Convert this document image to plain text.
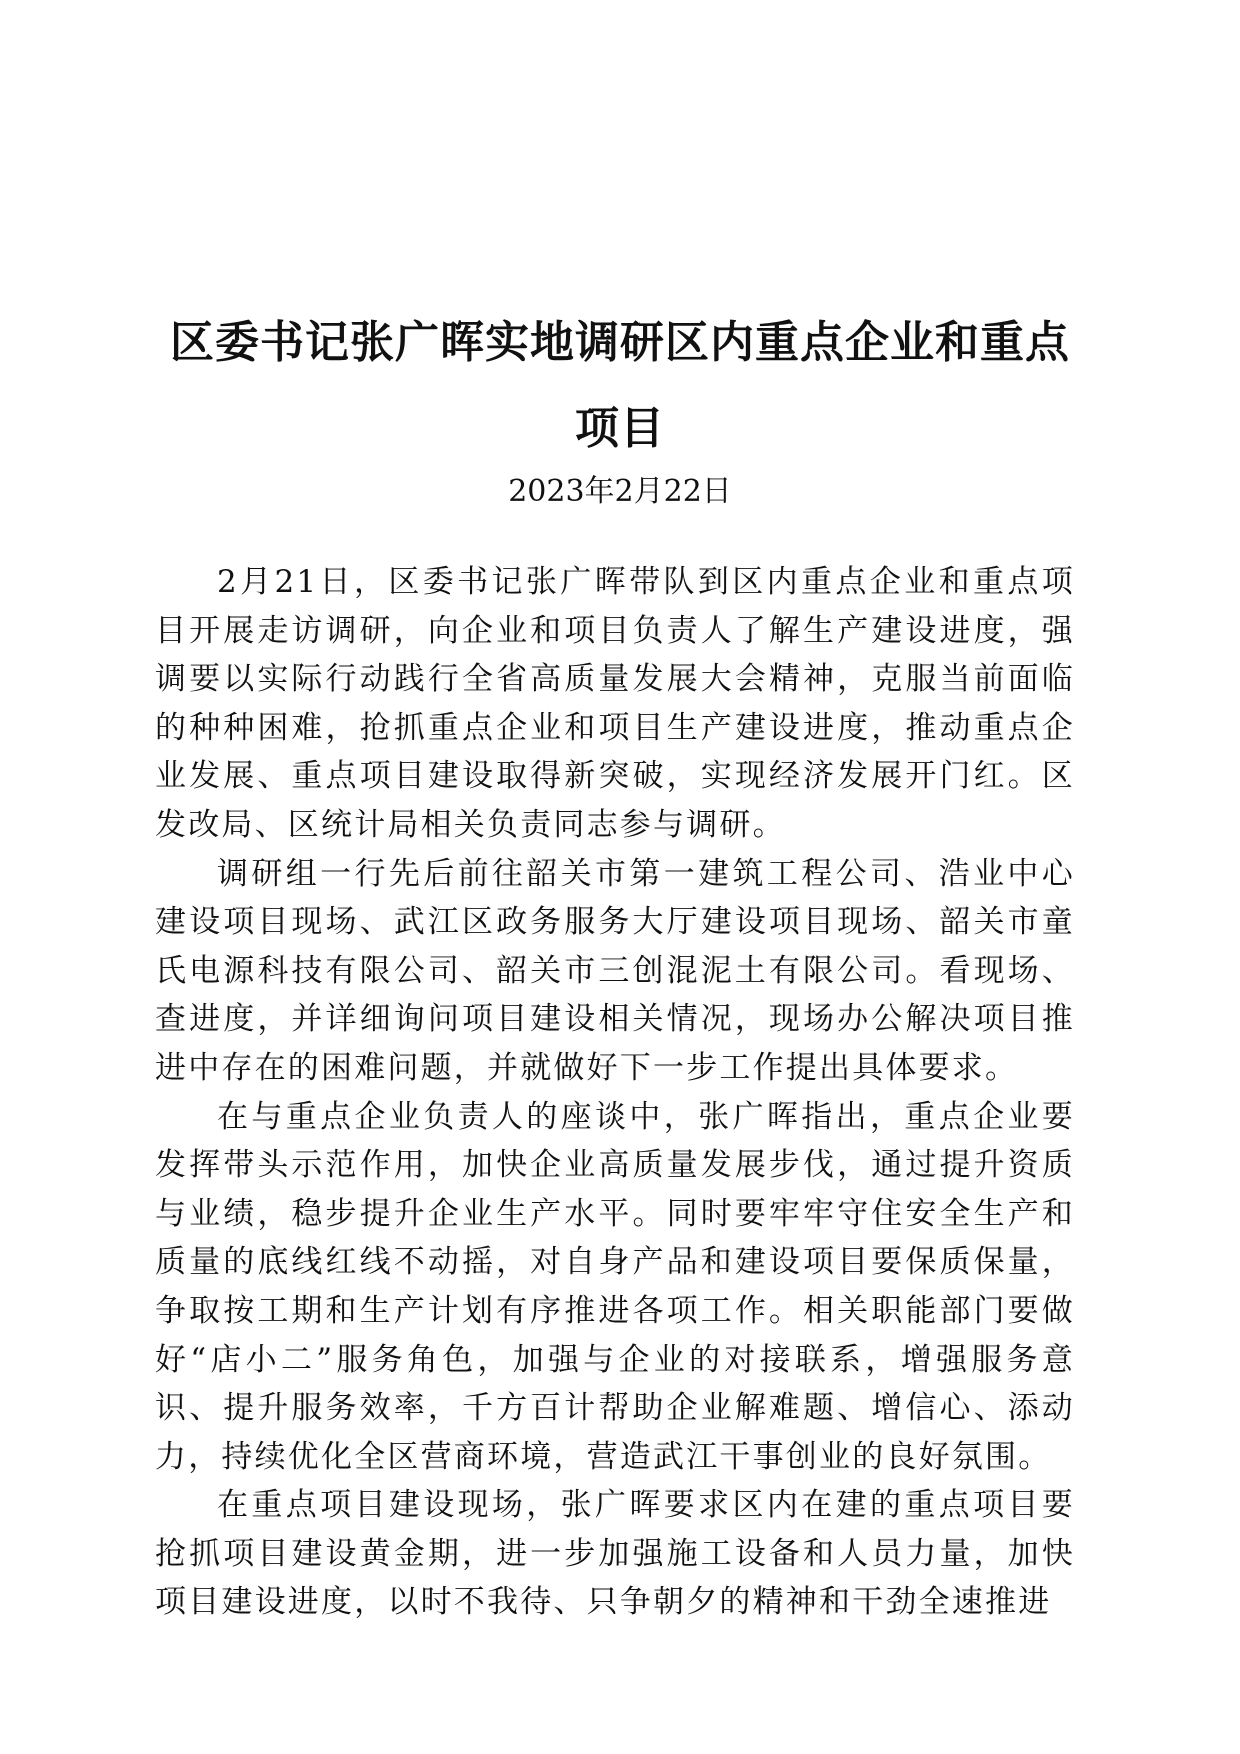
区委书记张广晖实地调研区内重点企业和重点项目
2023年2月22日

2月21日，区委书记张广晖带队到区内重点企业和重点项目开展走访调研，向企业和项目负责人了解生产建设进度，强调要以实际行动践行全省高质量发展大会精神，克服当前面临的种种困难，抢抓重点企业和项目生产建设进度，推动重点企业发展、重点项目建设取得新突破，实现经济发展开门红。区发改局、区统计局相关负责同志参与调研。

调研组一行先后前往韶关市第一建筑工程公司、浩业中心建设项目现场、武江区政务服务大厅建设项目现场、韶关市童氏电源科技有限公司、韶关市三创混泥土有限公司。看现场、查进度，并详细询问项目建设相关情况，现场办公解决项目推进中存在的困难问题，并就做好下一步工作提出具体要求。

在与重点企业负责人的座谈中，张广晖指出，重点企业要发挥带头示范作用，加快企业高质量发展步伐，通过提升资质与业绩，稳步提升企业生产水平。同时要牢牢守住安全生产和质量的底线红线不动摇，对自身产品和建设项目要保质保量，争取按工期和生产计划有序推进各项工作。相关职能部门要做好“店小二”服务角色，加强与企业的对接联系，增强服务意识、提升服务效率，千方百计帮助企业解难题、增信心、添动力，持续优化全区营商环境，营造武江干事创业的良好氛围。

在重点项目建设现场，张广晖要求区内在建的重点项目要抢抓项目建设黄金期，进一步加强施工设备和人员力量，加快项目建设进度，以时不我待、只争朝夕的精神和干劲全速推进
